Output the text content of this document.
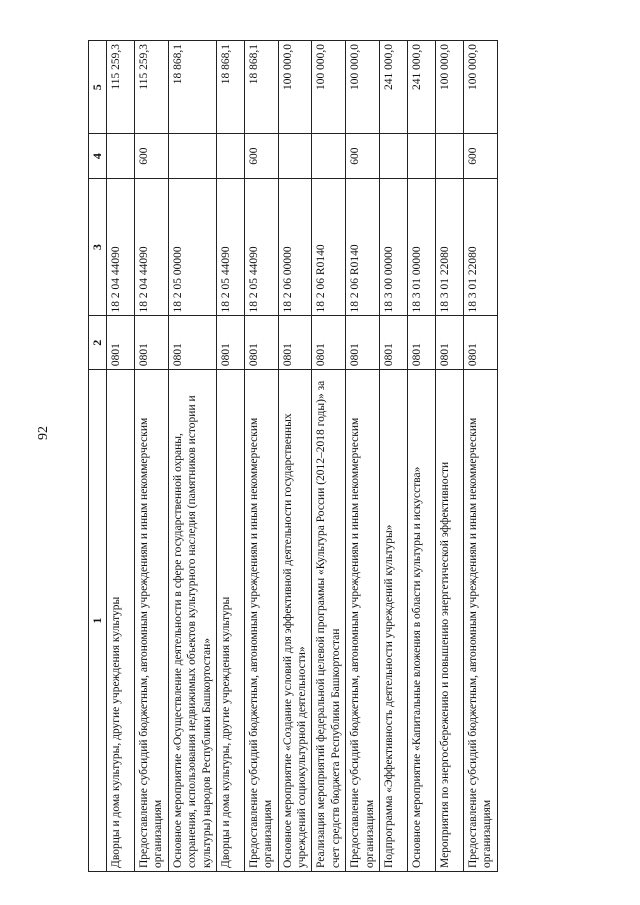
92
1	2	3	4	5
Дворцы и дома культуры, другие учреждения культуры	0801	18 2 04 44090		115 259,3
Предоставление субсидий бюджетным, автономным учреждениям и иным некоммерческим организациям	0801	18 2 04 44090	600	115 259,3
Основное мероприятие «Осуществление деятельности в сфере государственной охраны, сохранения, использования недвижимых объектов культурного наследия (памятников истории и культуры) народов Республики Башкортостан»	0801	18 2 05 00000		18 868,1
Дворцы и дома культуры, другие учреждения культуры	0801	18 2 05 44090		18 868,1
Предоставление субсидий бюджетным, автономным учреждениям и иным некоммерческим организациям	0801	18 2 05 44090	600	18 868,1
Основное мероприятие «Создание условий для эффективной деятельности государственных учреждений социокультурной деятельности»	0801	18 2 06 00000		100 000,0
Реализация мероприятий федеральной целевой программы «Культура России (2012–2018 годы)» за счет средств бюджета Республики Башкортостан	0801	18 2 06 R0140		100 000,0
Предоставление субсидий бюджетным, автономным учреждениям и иным некоммерческим организациям	0801	18 2 06 R0140	600	100 000,0
Подпрограмма «Эффективность деятельности учреждений культуры»	0801	18 3 00 00000		241 000,0
Основное мероприятие «Капитальные вложения в области культуры и искусства»	0801	18 3 01 00000		241 000,0
Мероприятия по энергосбережению и повышению энергетической эффективности	0801	18 3 01 22080		100 000,0
Предоставление субсидий бюджетным, автономным учреждениям и иным некоммерческим организациям	0801	18 3 01 22080	600	100 000,0
